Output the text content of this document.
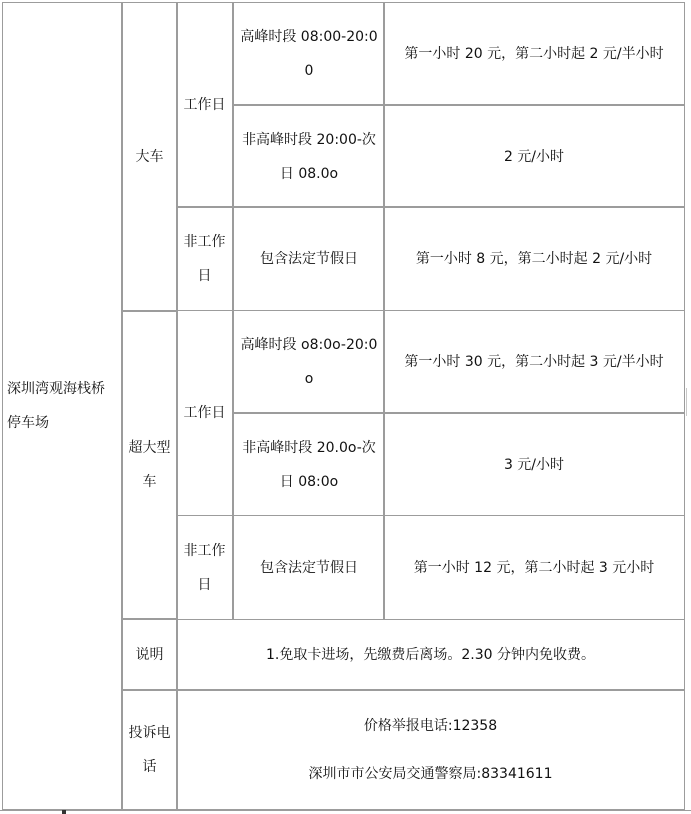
深圳湾观海栈桥停车场
大车
超大型车
说明
投诉电话
工作日
非工作日
工作日
非工作日
高峰时段 08:00-20:00
非高峰时段 20:00-次日 08.0o
包含法定节假日
高峰时段 o8:0o-20:0o
非高峰时段 20.0o-次日 08:0o
包含法定节假日
第一小时 20 元，第二小时起 2 元/半小时
2 元/小时
第一小时 8 元，第二小时起 2 元/小时
第一小时 30 元，第二小时起 3 元/半小时
3 元/小时
第一小时 12 元，第二小时起 3 元小时
1.免取卡进场，先缴费后离场。2.30 分钟内免收费。
价格举报电话:12358
深圳市市公安局交通警察局:83341611
